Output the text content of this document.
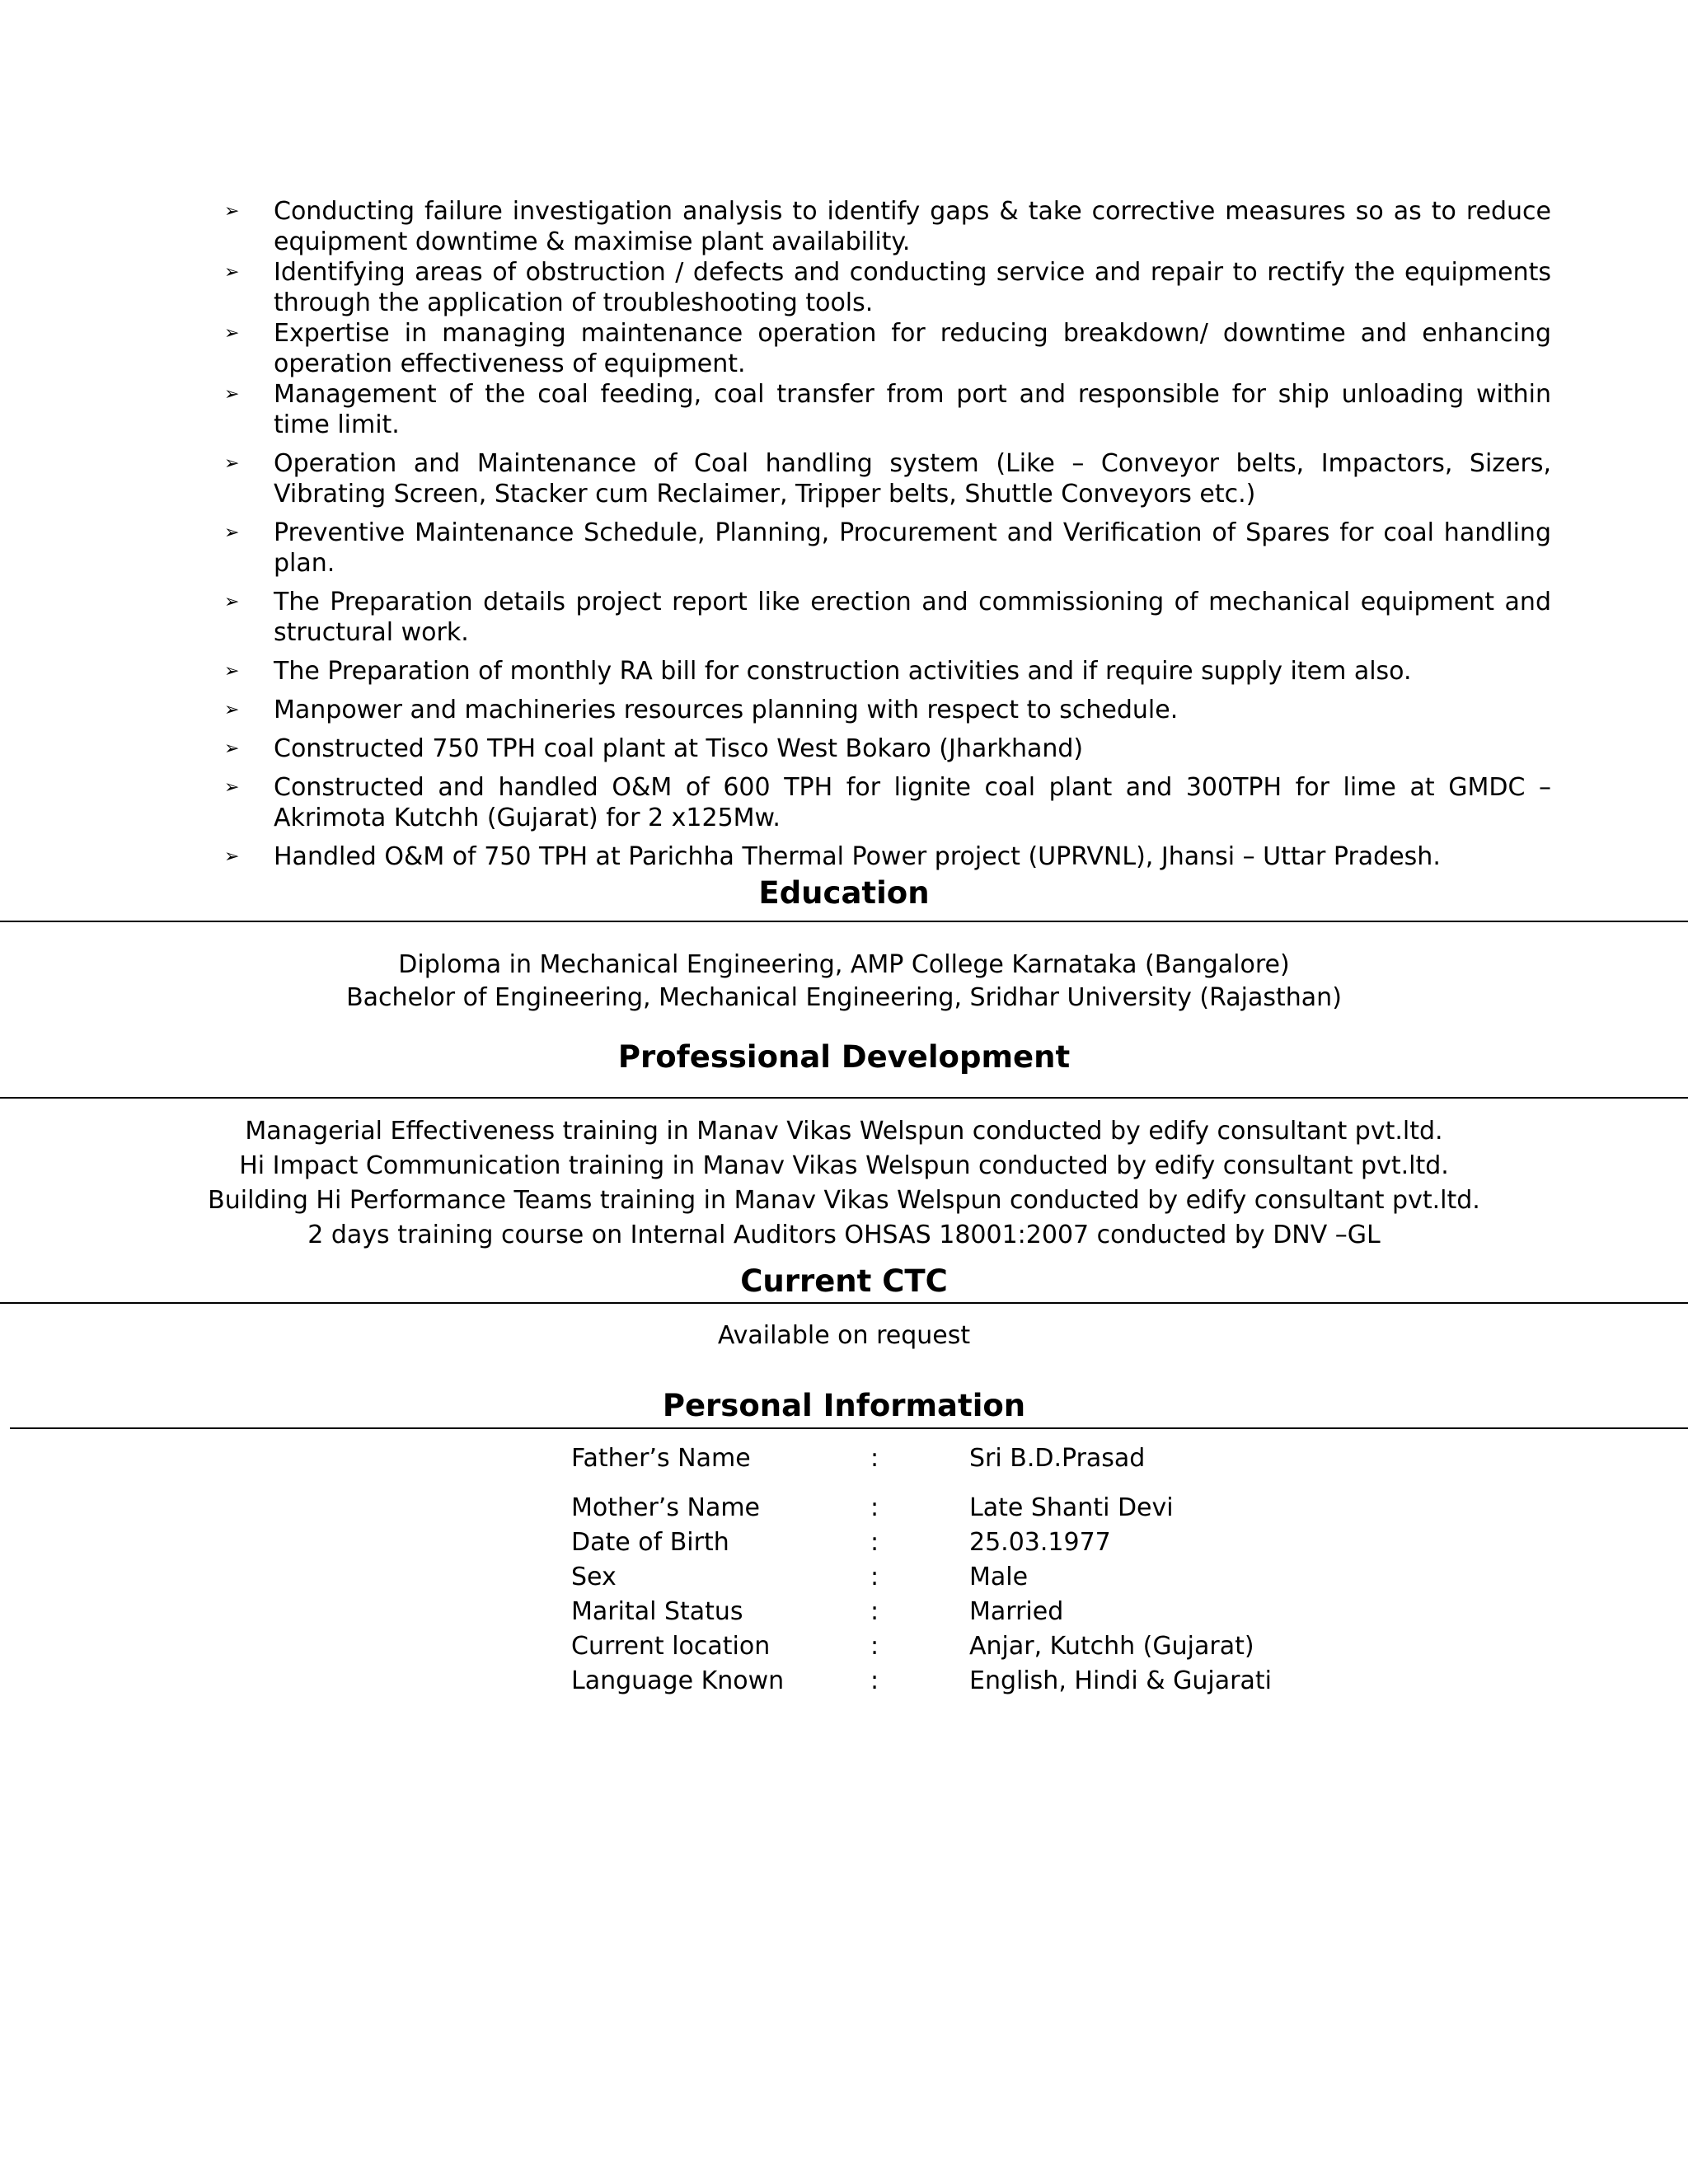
➢ Conducting failure investigation analysis to identify gaps & take corrective measures so as to reduce equipment downtime & maximise plant availability.
➢ Identifying areas of obstruction / defects and conducting service and repair to rectify the equipments through the application of troubleshooting tools.
➢ Expertise in managing maintenance operation for reducing breakdown/ downtime and enhancing operation effectiveness of equipment.
➢ Management of the coal feeding, coal transfer from port and responsible for ship unloading within time limit.
➢ Operation and Maintenance of Coal handling system (Like – Conveyor belts, Impactors, Sizers, Vibrating Screen, Stacker cum Reclaimer, Tripper belts, Shuttle Conveyors etc.)
➢ Preventive Maintenance Schedule, Planning, Procurement and Verification of Spares for coal handling plan.
➢ The Preparation details project report like erection and commissioning of mechanical equipment and structural work.
➢ The Preparation of monthly RA bill for construction activities and if require supply item also.
➢ Manpower and machineries resources planning with respect to schedule.
➢ Constructed 750 TPH coal plant at Tisco West Bokaro (Jharkhand)
➢ Constructed and handled O&M of 600 TPH for lignite coal plant and 300TPH for lime at GMDC –Akrimota Kutchh (Gujarat) for 2 x125Mw.
➢ Handled O&M of 750 TPH at Parichha Thermal Power project (UPRVNL), Jhansi – Uttar Pradesh.
Education
Diploma in Mechanical Engineering, AMP College Karnataka (Bangalore)
Bachelor of Engineering, Mechanical Engineering, Sridhar University (Rajasthan)
Professional Development
Managerial Effectiveness training in Manav Vikas Welspun conducted by edify consultant pvt.ltd.
Hi Impact Communication training in Manav Vikas Welspun conducted by edify consultant pvt.ltd.
Building Hi Performance Teams training in Manav Vikas Welspun conducted by edify consultant pvt.ltd.
2 days training course on Internal Auditors OHSAS 18001:2007 conducted by DNV –GL
Current CTC
Available on request
Personal Information
Father’s Name	:	Sri B.D.Prasad
Mother’s Name	:	Late Shanti Devi
Date of Birth	:	25.03.1977
Sex	:	Male
Marital Status	:	Married
Current location	:	Anjar, Kutchh (Gujarat)
Language Known	:	English, Hindi & Gujarati
